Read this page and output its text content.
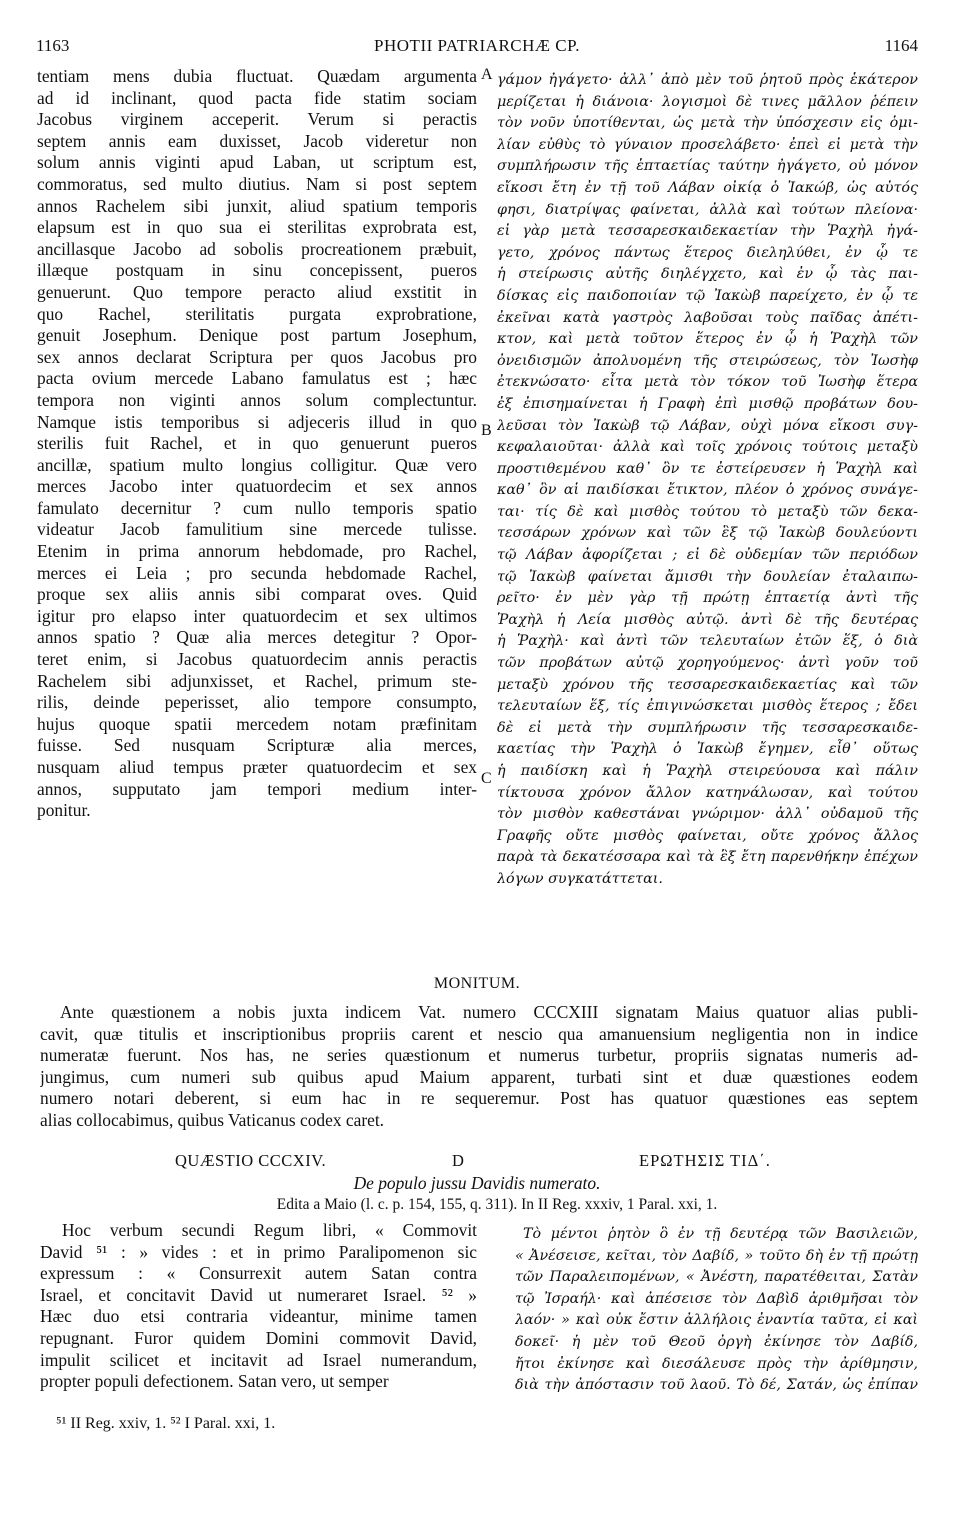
1163	PHOTII PATRIARCHÆ CP.	1164
A
B
C
tentiam mens dubia fluctuat. Quædam argumenta
ad id inclinant, quod pacta fide statim sociam
Jacobus virginem acceperit. Verum si peractis
septem annis eam duxisset, Jacob videretur non
solum annis viginti apud Laban, ut scriptum est,
commoratus, sed multo diutius. Nam si post septem
annos Rachelem sibi junxit, aliud spatium temporis
elapsum est in quo sua ei sterilitas exprobrata est,
ancillasque Jacobo ad sobolis procreationem præbuit,
illæque postquam in sinu concepissent, pueros
genuerunt. Quo tempore peracto aliud exstitit in
quo Rachel, sterilitatis purgata exprobratione,
genuit Josephum. Denique post partum Josephum,
sex annos declarat Scriptura per quos Jacobus pro
pacta ovium mercede Labano famulatus est ; hæc
tempora non viginti annos solum complectuntur.
Namque istis temporibus si adjeceris illud in quo
sterilis fuit Rachel, et in quo genuerunt pueros
ancillæ, spatium multo longius colligitur. Quæ vero
merces Jacobo inter quatuordecim et sex annos
famulato decernitur ? cum nullo temporis spatio
videatur Jacob famulitium sine mercede tulisse.
Etenim in prima annorum hebdomade, pro Rachel,
merces ei Leia ; pro secunda hebdomade Rachel,
proque sex aliis annis sibi comparat oves. Quid
igitur pro elapso inter quatuordecim et sex ultimos
annos spatio ? Quæ alia merces detegitur ? Opor-
teret enim, si Jacobus quatuordecim annis peractis
Rachelem sibi adjunxisset, et Rachel, primum ste-
rilis, deinde peperisset, alio tempore consumpto,
hujus quoque spatii mercedem notam præfinitam
fuisse. Sed nusquam Scripturæ alia merces,
nusquam aliud tempus præter quatuordecim et sex
annos, supputato jam tempori medium inter-
ponitur.
γάμον ἠγάγετο· ἀλλ᾽ ἀπὸ μὲν τοῦ ῥητοῦ πρὸς ἑκάτερον
μερίζεται ἡ διάνοια· λογισμοὶ δὲ τινες μᾶλλον ῥέπειν
τὸν νοῦν ὑποτίθενται, ὡς μετὰ τὴν ὑπόσχεσιν εἰς ὁμι-
λίαν εὐθὺς τὸ γύναιον προσελάβετο· ἐπεὶ εἰ μετὰ τὴν
συμπλήρωσιν τῆς ἑπταετίας ταύτην ἠγάγετο, οὐ μόνον
εἴκοσι ἔτη ἐν τῇ τοῦ Λάβαν οἰκίᾳ ὁ Ἰακώβ, ὡς αὐτός
φησι, διατρίψας φαίνεται, ἀλλὰ καὶ τούτων πλείονα·
εἰ γὰρ μετὰ τεσσαρεσκαιδεκαετίαν τὴν Ῥαχὴλ ἠγά-
γετο, χρόνος πάντως ἕτερος διεληλύθει, ἐν ᾧ τε
ἡ στείρωσις αὐτῆς διηλέγχετο, καὶ ἐν ᾧ τὰς παι-
δίσκας εἰς παιδοποιίαν τῷ Ἰακὼβ παρείχετο, ἐν ᾧ τε
ἐκεῖναι κατὰ γαστρὸς λαβοῦσαι τοὺς παῖδας ἀπέτι-
κτον, καὶ μετὰ τοῦτον ἕτερος ἐν ᾧ ἡ Ῥαχὴλ τῶν
ὀνειδισμῶν ἀπολυομένη τῆς στειρώσεως, τὸν Ἰωσὴφ
ἐτεκνώσατο· εἶτα μετὰ τὸν τόκον τοῦ Ἰωσὴφ ἕτερα
ἐξ ἐπισημαίνεται ἡ Γραφὴ ἐπὶ μισθῷ προβάτων δου-
λεῦσαι τὸν Ἰακὼβ τῷ Λάβαν, οὐχὶ μόνα εἴκοσι συγ-
κεφαλαιοῦται· ἀλλὰ καὶ τοῖς χρόνοις τούτοις μεταξὺ
προστιθεμένου καθ᾽ ὃν τε ἐστείρευσεν ἡ Ῥαχὴλ καὶ
καθ᾽ ὃν αἱ παιδίσκαι ἔτικτον, πλέον ὁ χρόνος συνάγε-
ται· τίς δὲ καὶ μισθὸς τούτου τὸ μεταξὺ τῶν δεκα-
τεσσάρων χρόνων καὶ τῶν ἓξ τῷ Ἰακὼβ δουλεύοντι
τῷ Λάβαν ἀφορίζεται ; εἰ δὲ οὐδεμίαν τῶν περιόδων
τῷ Ἰακὼβ φαίνεται ἄμισθι τὴν δουλείαν ἐταλαιπω-
ρεῖτο· ἐν μὲν γὰρ τῇ πρώτῃ ἑπταετίᾳ ἀντὶ τῆς
Ῥαχὴλ ἡ Λεία μισθὸς αὐτῷ. ἀντὶ δὲ τῆς δευτέρας
ἡ Ῥαχὴλ· καὶ ἀντὶ τῶν τελευταίων ἐτῶν ἕξ, ὁ διὰ
τῶν προβάτων αὐτῷ χορηγούμενος· ἀντὶ γοῦν τοῦ
μεταξὺ χρόνου τῆς τεσσαρεσκαιδεκαετίας καὶ τῶν
τελευταίων ἕξ, τίς ἐπιγινώσκεται μισθὸς ἕτερος ; ἔδει
δὲ εἰ μετὰ τὴν συμπλήρωσιν τῆς τεσσαρεσκαιδε-
καετίας τὴν Ῥαχὴλ ὁ Ἰακὼβ ἔγημεν, εἶθ᾽ οὕτως
ἡ παιδίσκη καὶ ἡ Ῥαχὴλ στειρεύουσα καὶ πάλιν
τίκτουσα χρόνον ἄλλον κατηνάλωσαν, καὶ τούτου
τὸν μισθὸν καθεστάναι γνώριμον· ἀλλ᾽ οὐδαμοῦ τῆς
Γραφῆς οὔτε μισθὸς φαίνεται, οὔτε χρόνος ἄλλος
παρὰ τὰ δεκατέσσαρα καὶ τὰ ἓξ ἔτη παρενθήκην ἐπέχων
λόγων συγκατάττεται.
MONITUM.
Ante quæstionem a nobis juxta indicem Vat. numero CCCXIII signatam Maius quatuor alias publi-
cavit, quæ titulis et inscriptionibus propriis carent et nescio qua amanuensium negligentia non in indice
numeratæ fuerunt. Nos has, ne series quæstionum et numerus turbetur, propriis signatas numeris ad-
jungimus, cum numeri sub quibus apud Maium apparent, turbati sint et duæ quæstiones eodem
numero notari deberent, si eum hac in re sequeremur. Post has quatuor quæstiones eas septem
alias collocabimus, quibus Vaticanus codex caret.
QUÆSTIO CCCXIV.	D	ΕΡΩΤΗΣΙΣ ΤΙΔ΄.
De populo jussu Davidis numerato.
Edita a Maio (l. c. p. 154, 155, q. 311). In II Reg. xxxiv, 1 Paral. xxi, 1.
Hoc verbum secundi Regum libri, « Commovit
David ⁵¹ : » vides : et in primo Paralipomenon sic
expressum : « Consurrexit autem Satan contra
Israel, et concitavit David ut numeraret Israel. ⁵² »
Hæc duo etsi contraria videantur, minime tamen
repugnant. Furor quidem Domini commovit David,
impulit scilicet et incitavit ad Israel numerandum,
propter populi defectionem. Satan vero, ut semper
Τὸ μέντοι ῥητὸν ὃ ἐν τῇ δευτέρᾳ τῶν Βασιλειῶν,
« Ἀνέσεισε, κεῖται, τὸν Δαβίδ, » τοῦτο δὴ ἐν τῇ πρώτῃ
τῶν Παραλειπομένων, « Ἀνέστη, παρατέθειται, Σατὰν
τῷ Ἰσραήλ· καὶ ἀπέσεισε τὸν Δαβὶδ ἀριθμῆσαι τὸν
λαόν· » καὶ οὐκ ἔστιν ἀλλήλοις ἐναντία ταῦτα, εἰ καὶ
δοκεῖ· ἡ μὲν τοῦ Θεοῦ ὀργὴ ἐκίνησε τὸν Δαβίδ,
ἤτοι ἐκίνησε καὶ διεσάλευσε πρὸς τὴν ἀρίθμησιν,
διὰ τὴν ἀπόστασιν τοῦ λαοῦ. Τὸ δέ, Σατάν, ὡς ἐπίπαν
⁵¹ II Reg. xxiv, 1. ⁵² I Paral. xxi, 1.
